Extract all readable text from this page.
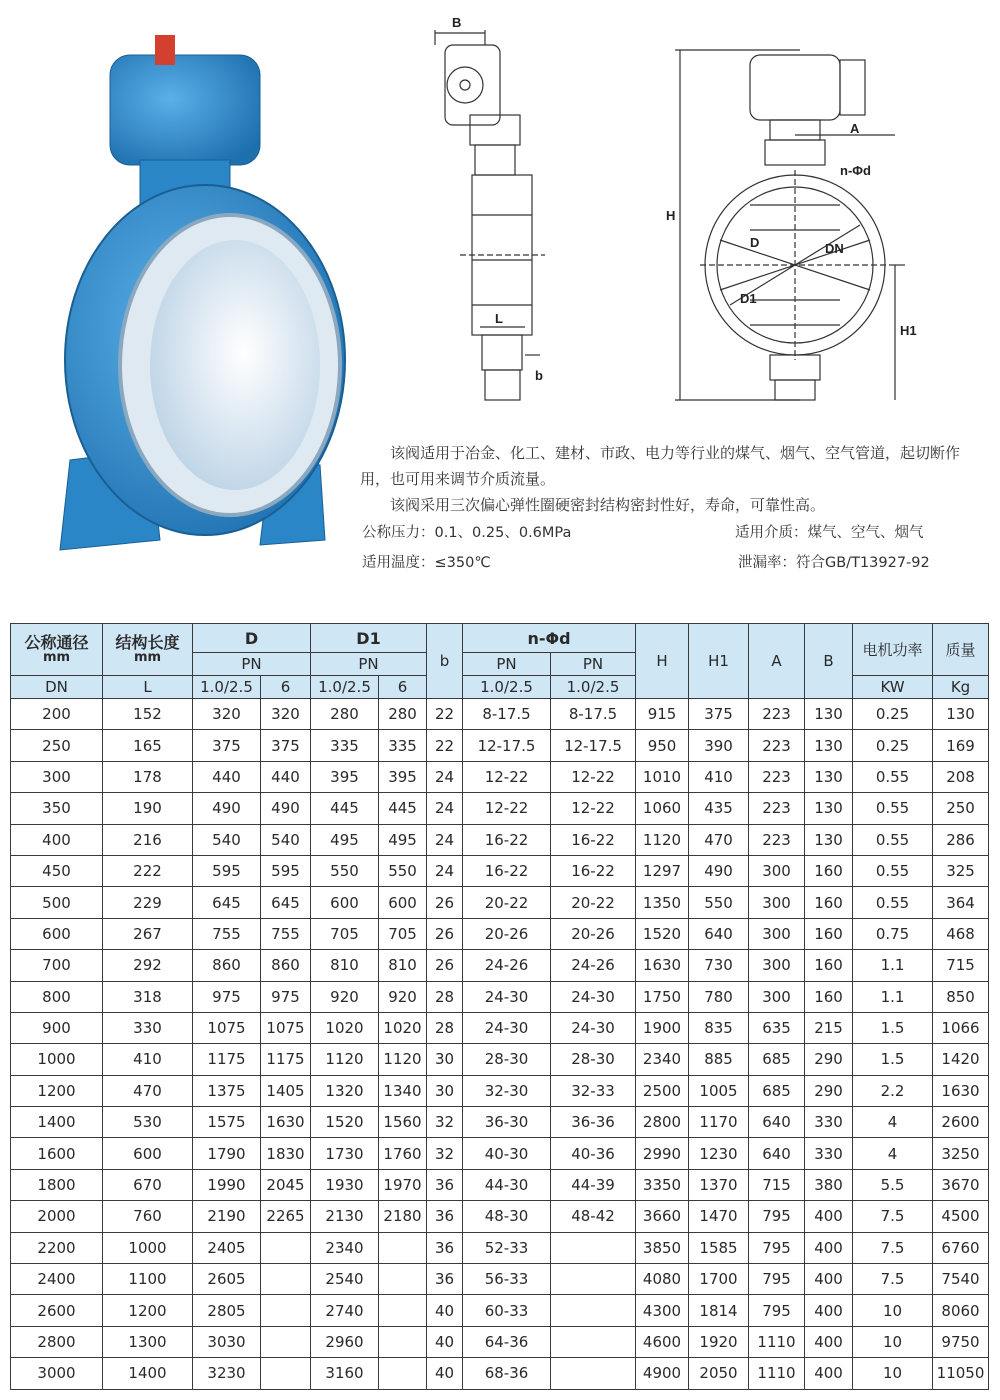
B
L
b
H
H1
A
n-Φd
D	DN
D1
该阀适用于冶金、化工、建材、市政、电力等行业的煤气、烟气、空气管道，起切断作用，也可用来调节介质流量。
该阀采用三次偏心弹性圈硬密封结构密封性好，寿命，可靠性高。
公称压力：0.1、0.25、0.6MPa	适用介质：煤气、空气、烟气
适用温度：≤350℃	泄漏率：符合GB/T13927-92
公称通径
mm	结构长度
mm	D		D1		b	n-Φd		H	H1	A	B	电机功率	质量
		PN		PN			PN	PN						
DN	L	1.0/2.5	6	1.0/2.5	6		1.0/2.5	1.0/2.5					KW	Kg
200	152	320	320	280	280	22	8-17.5	8-17.5	915	375	223	130	0.25	130
250	165	375	375	335	335	22	12-17.5	12-17.5	950	390	223	130	0.25	169
300	178	440	440	395	395	24	12-22	12-22	1010	410	223	130	0.55	208
350	190	490	490	445	445	24	12-22	12-22	1060	435	223	130	0.55	250
400	216	540	540	495	495	24	16-22	16-22	1120	470	223	130	0.55	286
450	222	595	595	550	550	24	16-22	16-22	1297	490	300	160	0.55	325
500	229	645	645	600	600	26	20-22	20-22	1350	550	300	160	0.55	364
600	267	755	755	705	705	26	20-26	20-26	1520	640	300	160	0.75	468
700	292	860	860	810	810	26	24-26	24-26	1630	730	300	160	1.1	715
800	318	975	975	920	920	28	24-30	24-30	1750	780	300	160	1.1	850
900	330	1075	1075	1020	1020	28	24-30	24-30	1900	835	635	215	1.5	1066
1000	410	1175	1175	1120	1120	30	28-30	28-30	2340	885	685	290	1.5	1420
1200	470	1375	1405	1320	1340	30	32-30	32-33	2500	1005	685	290	2.2	1630
1400	530	1575	1630	1520	1560	32	36-30	36-36	2800	1170	640	330	4	2600
1600	600	1790	1830	1730	1760	32	40-30	40-36	2990	1230	640	330	4	3250
1800	670	1990	2045	1930	1970	36	44-30	44-39	3350	1370	715	380	5.5	3670
2000	760	2190	2265	2130	2180	36	48-30	48-42	3660	1470	795	400	7.5	4500
2200	1000	2405		2340		36	52-33		3850	1585	795	400	7.5	6760
2400	1100	2605		2540		36	56-33		4080	1700	795	400	7.5	7540
2600	1200	2805		2740		40	60-33		4300	1814	795	400	10	8060
2800	1300	3030		2960		40	64-36		4600	1920	1110	400	10	9750
3000	1400	3230		3160		40	68-36		4900	2050	1110	400	10	11050
